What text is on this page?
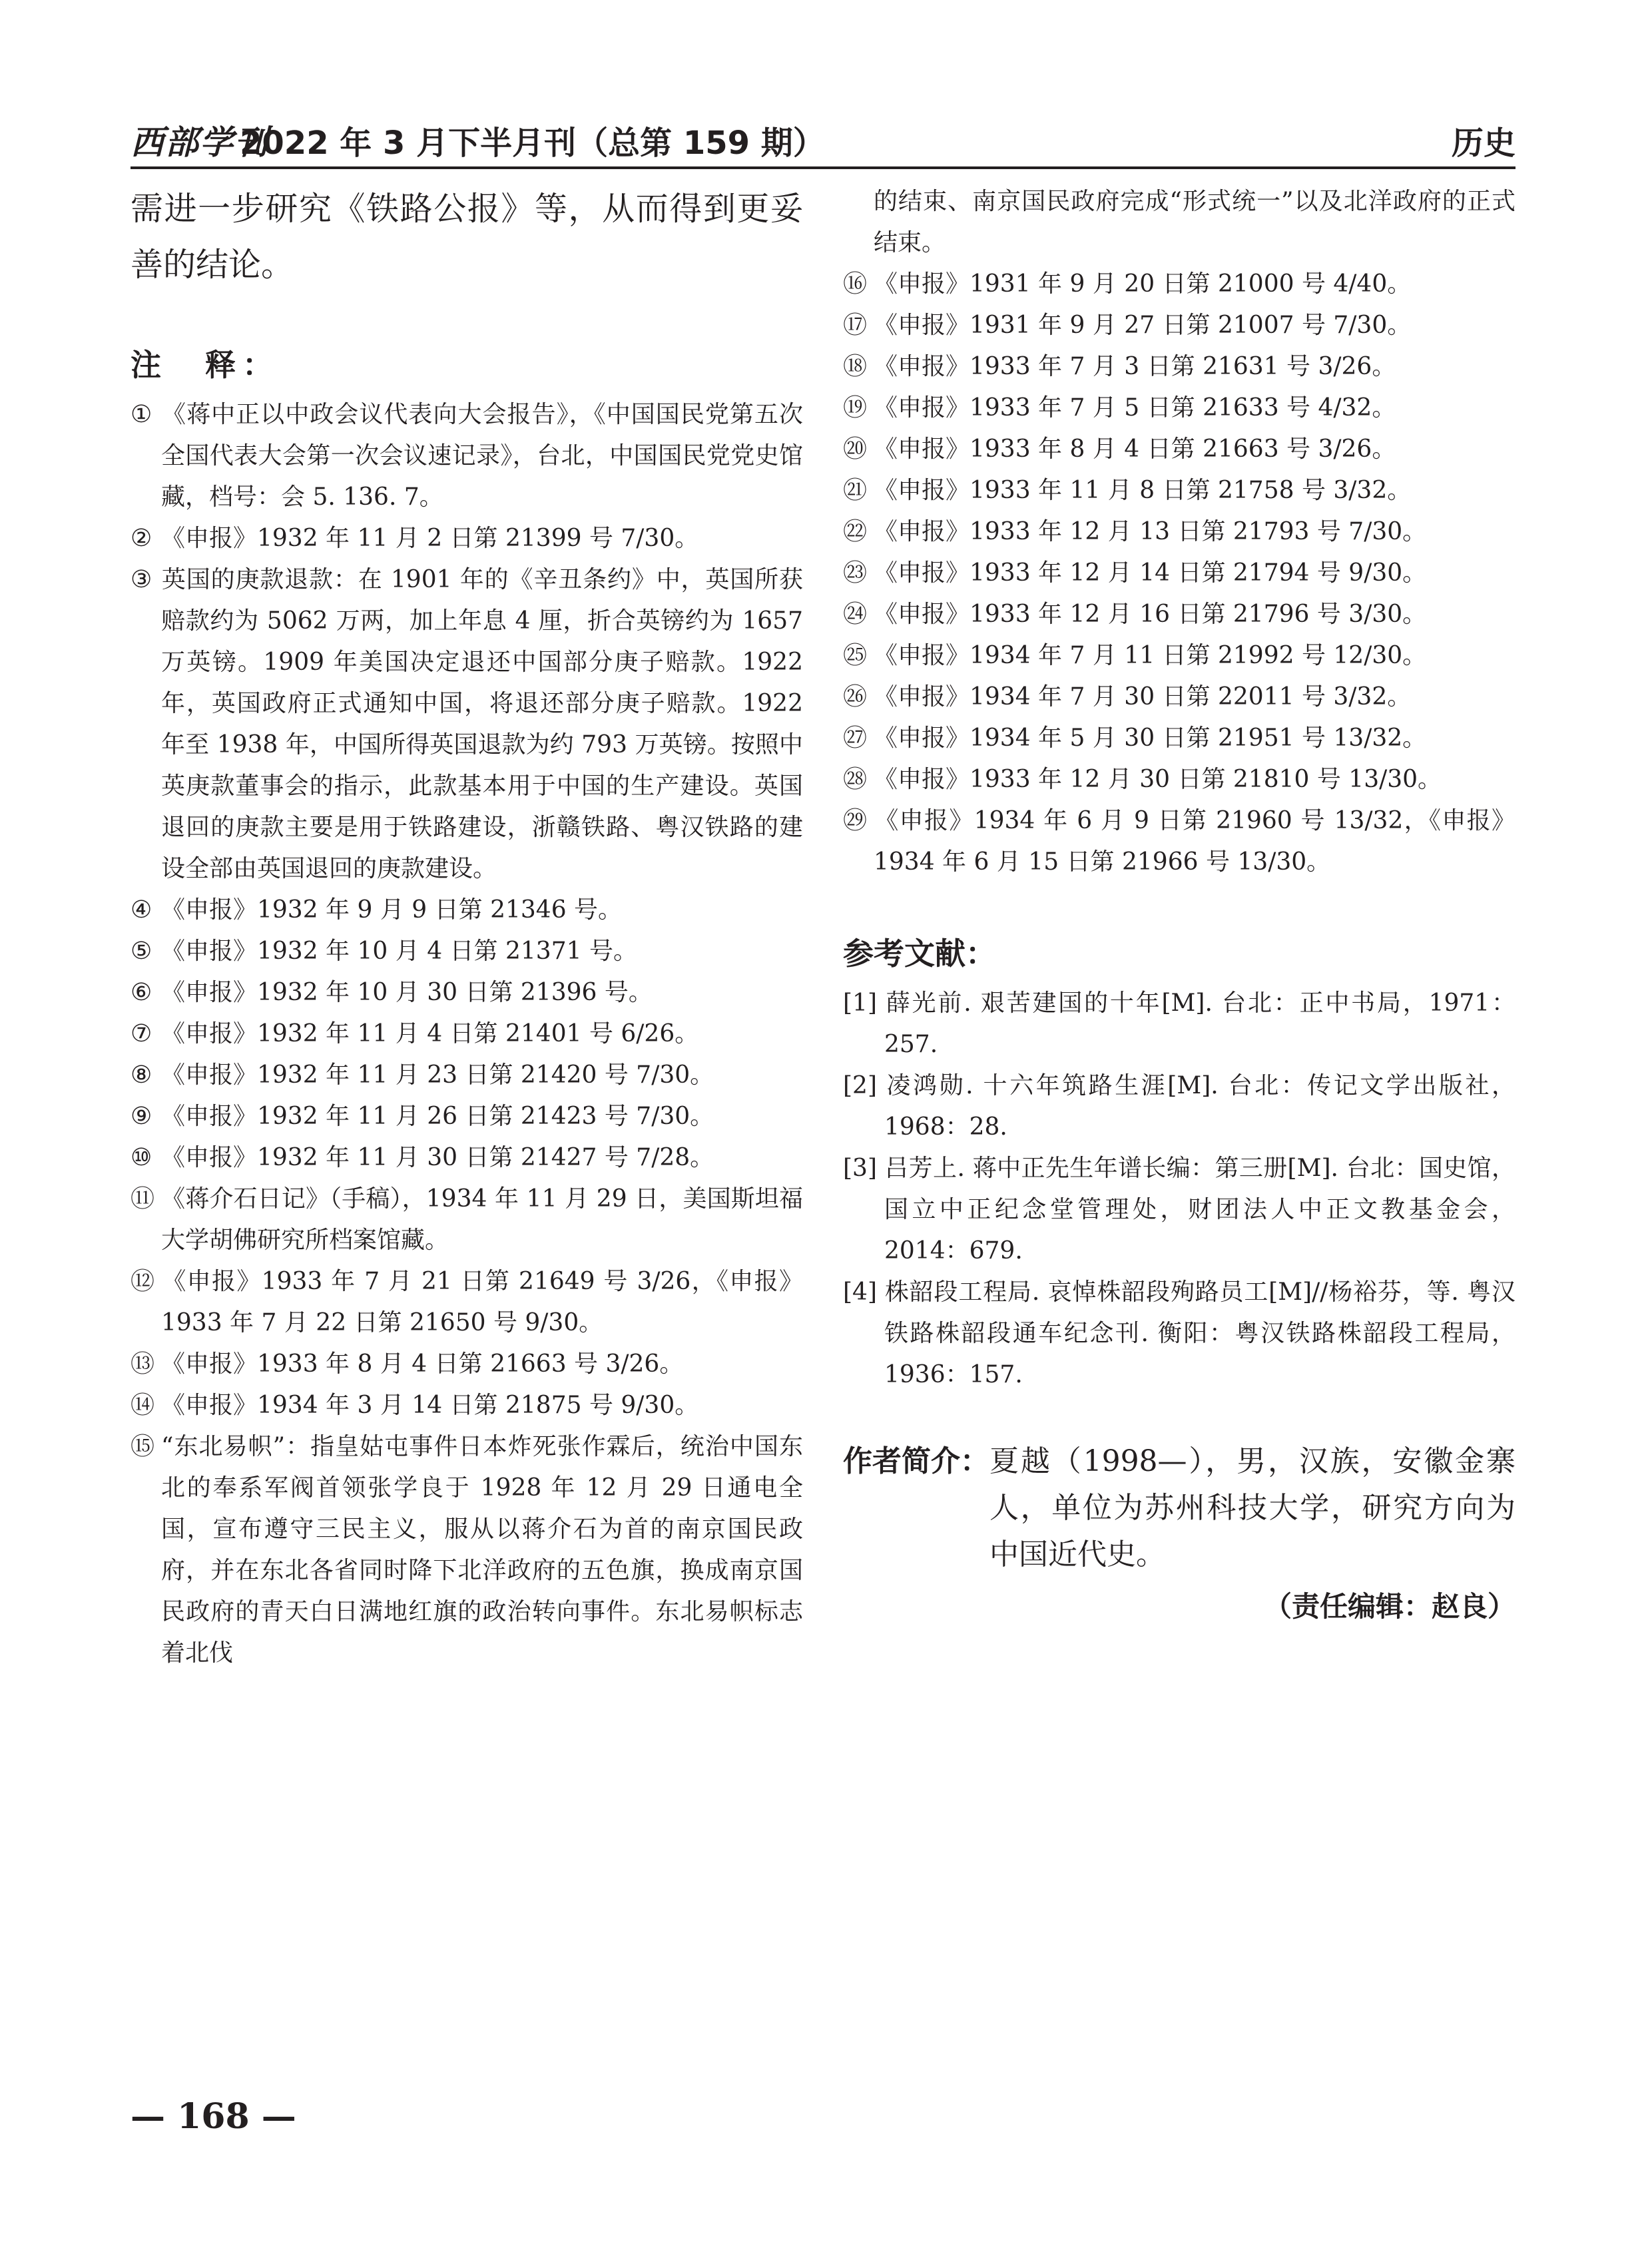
西部学刊
2022 年 3 月下半月刊（总第 159 期）	历史

需进一步研究《铁路公报》等，从而得到更妥善的结论。

注　释：

① 《蒋中正以中政会议代表向大会报告》，《中国国民党第五次全国代表大会第一次会议速记录》，台北，中国国民党党史馆藏，档号：会 5. 136. 7。

② 《申报》1932 年 11 月 2 日第 21399 号 7/30。

③ 英国的庚款退款：在 1901 年的《辛丑条约》中，英国所获赔款约为 5062 万两，加上年息 4 厘，折合英镑约为 1657 万英镑。1909 年美国决定退还中国部分庚子赔款。1922 年，英国政府正式通知中国，将退还部分庚子赔款。1922 年至 1938 年，中国所得英国退款为约 793 万英镑。按照中英庚款董事会的指示，此款基本用于中国的生产建设。英国退回的庚款主要是用于铁路建设，浙赣铁路、粤汉铁路的建设全部由英国退回的庚款建设。

④ 《申报》1932 年 9 月 9 日第 21346 号。

⑤ 《申报》1932 年 10 月 4 日第 21371 号。

⑥ 《申报》1932 年 10 月 30 日第 21396 号。

⑦ 《申报》1932 年 11 月 4 日第 21401 号 6/26。

⑧ 《申报》1932 年 11 月 23 日第 21420 号 7/30。

⑨ 《申报》1932 年 11 月 26 日第 21423 号 7/30。

⑩ 《申报》1932 年 11 月 30 日第 21427 号 7/28。

⑪ 《蒋介石日记》（手稿），1934 年 11 月 29 日，美国斯坦福大学胡佛研究所档案馆藏。

⑫ 《申报》1933 年 7 月 21 日第 21649 号 3/26，《申报》1933 年 7 月 22 日第 21650 号 9/30。

⑬ 《申报》1933 年 8 月 4 日第 21663 号 3/26。

⑭ 《申报》1934 年 3 月 14 日第 21875 号 9/30。

⑮ “东北易帜”：指皇姑屯事件日本炸死张作霖后，统治中国东北的奉系军阀首领张学良于 1928 年 12 月 29 日通电全国，宣布遵守三民主义，服从以蒋介石为首的南京国民政府，并在东北各省同时降下北洋政府的五色旗，换成南京国民政府的青天白日满地红旗的政治转向事件。东北易帜标志着北伐

的结束、南京国民政府完成“形式统一”以及北洋政府的正式结束。

⑯ 《申报》1931 年 9 月 20 日第 21000 号 4/40。

⑰ 《申报》1931 年 9 月 27 日第 21007 号 7/30。

⑱ 《申报》1933 年 7 月 3 日第 21631 号 3/26。

⑲ 《申报》1933 年 7 月 5 日第 21633 号 4/32。

⑳ 《申报》1933 年 8 月 4 日第 21663 号 3/26。

㉑ 《申报》1933 年 11 月 8 日第 21758 号 3/32。

㉒ 《申报》1933 年 12 月 13 日第 21793 号 7/30。

㉓ 《申报》1933 年 12 月 14 日第 21794 号 9/30。

㉔ 《申报》1933 年 12 月 16 日第 21796 号 3/30。

㉕ 《申报》1934 年 7 月 11 日第 21992 号 12/30。

㉖ 《申报》1934 年 7 月 30 日第 22011 号 3/32。

㉗ 《申报》1934 年 5 月 30 日第 21951 号 13/32。

㉘ 《申报》1933 年 12 月 30 日第 21810 号 13/30。

㉙ 《申报》1934 年 6 月 9 日第 21960 号 13/32，《申报》1934 年 6 月 15 日第 21966 号 13/30。

参考文献：

[1] 薛光前. 艰苦建国的十年[M]. 台北：正中书局，1971：257.

[2] 凌鸿勋. 十六年筑路生涯[M]. 台北：传记文学出版社，1968：28.

[3] 吕芳上. 蒋中正先生年谱长编：第三册[M]. 台北：国史馆，国立中正纪念堂管理处，财团法人中正文教基金会，2014：679.

[4] 株韶段工程局. 哀悼株韶段殉路员工[M]//杨裕芬，等. 粤汉铁路株韶段通车纪念刊. 衡阳：粤汉铁路株韶段工程局，1936：157.

作者简介： 夏越（1998—），男，汉族，安徽金寨人，单位为苏州科技大学，研究方向为中国近代史。
（责任编辑：赵良）
— 168 —
